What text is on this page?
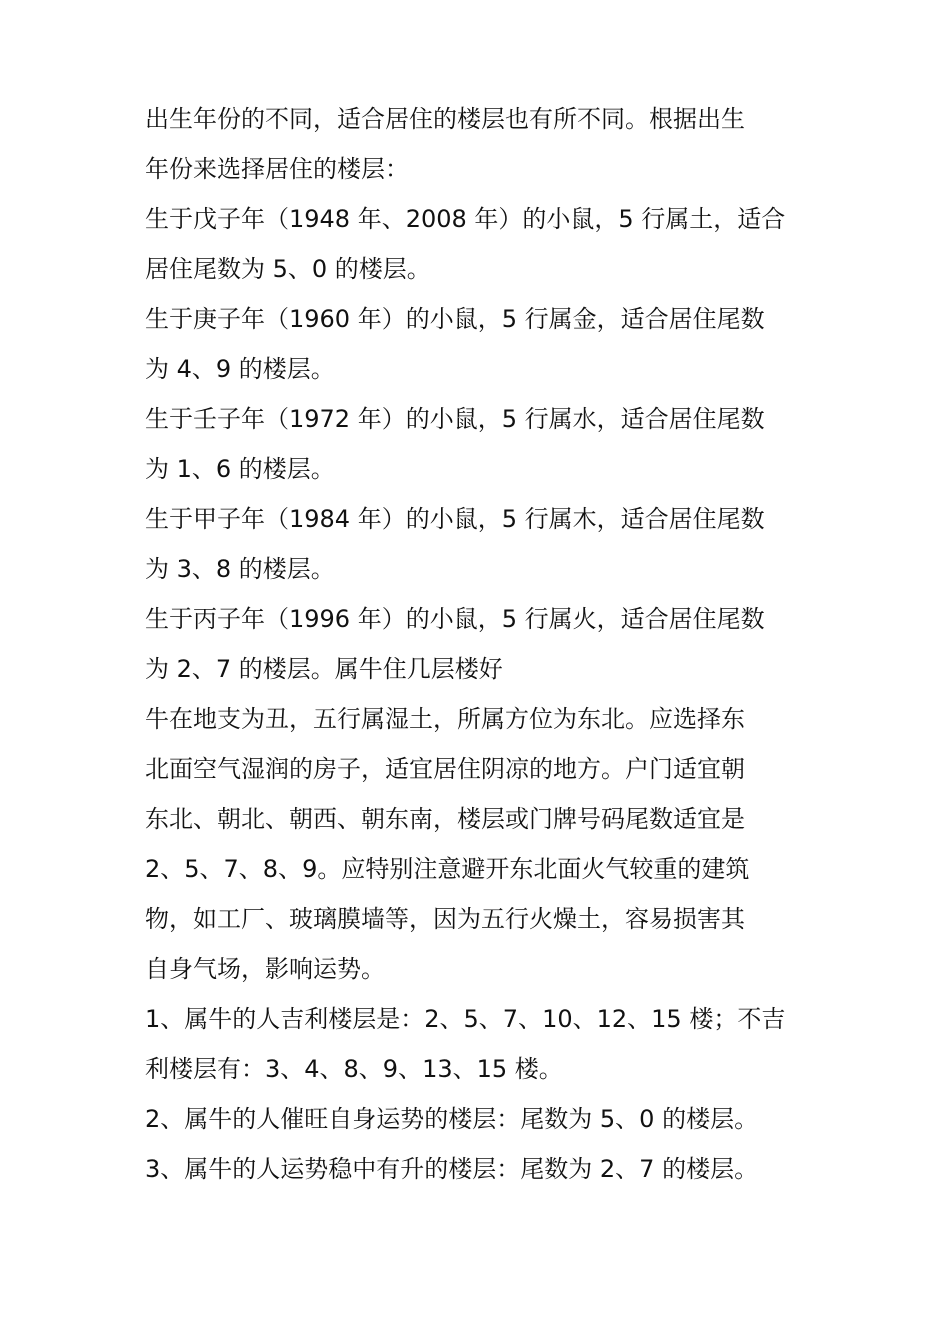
出生年份的不同，适合居住的楼层也有所不同。根据出生

年份来选择居住的楼层：

生于戊子年（1948 年、2008 年）的小鼠，5 行属土，适合

居住尾数为 5、0 的楼层。

生于庚子年（1960 年）的小鼠，5 行属金，适合居住尾数

为 4、9 的楼层。

生于壬子年（1972 年）的小鼠，5 行属水，适合居住尾数

为 1、6 的楼层。

生于甲子年（1984 年）的小鼠，5 行属木，适合居住尾数

为 3、8 的楼层。

生于丙子年（1996 年）的小鼠，5 行属火，适合居住尾数

为 2、7 的楼层。属牛住几层楼好

牛在地支为丑，五行属湿土，所属方位为东北。应选择东

北面空气湿润的房子，适宜居住阴凉的地方。户门适宜朝

东北、朝北、朝西、朝东南，楼层或门牌号码尾数适宜是

2、5、7、8、9。应特别注意避开东北面火气较重的建筑

物，如工厂、玻璃膜墙等，因为五行火燥土，容易损害其

自身气场，影响运势。

1、属牛的人吉利楼层是：2、5、7、10、12、15 楼；不吉

利楼层有：3、4、8、9、13、15 楼。

2、属牛的人催旺自身运势的楼层：尾数为 5、0 的楼层。

3、属牛的人运势稳中有升的楼层：尾数为 2、7 的楼层。
